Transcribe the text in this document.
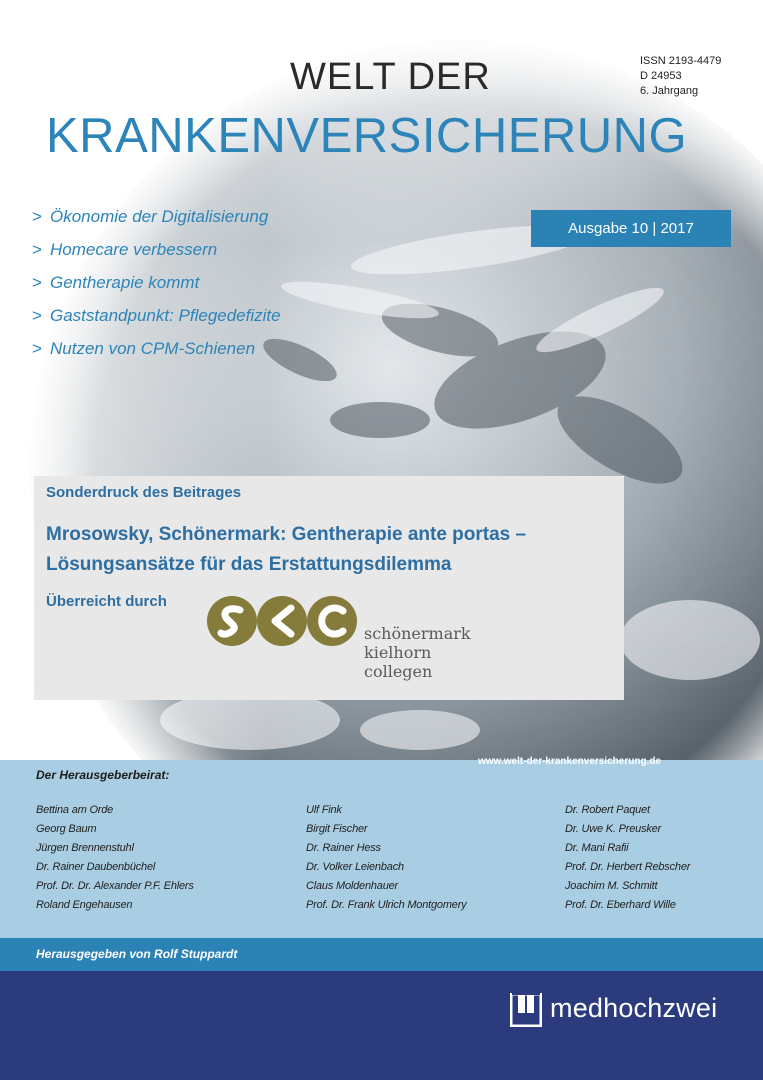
ISSN 2193-4479
D 24953
6. Jahrgang
WELT DER
KRANKENVERSICHERUNG
Ausgabe 10 | 2017
> Ökonomie der Digitalisierung
> Homecare verbessern
> Gentherapie kommt
> Gaststandpunkt: Pflegedefizite
> Nutzen von CPM-Schienen
Sonderdruck des Beitrages
Mrosowsky, Schönermark: Gentherapie ante portas –
Lösungsansätze für das Erstattungsdilemma
Überreicht durch
schönermark
kielhorn
collegen
Der Herausgeberbeirat:
Bettina am Orde
Georg Baum
Jürgen Brennenstuhl
Dr. Rainer Daubenbüchel
Prof. Dr. Dr. Alexander P.F. Ehlers
Roland Engehausen
Ulf Fink
Birgit Fischer
Dr. Rainer Hess
Dr. Volker Leienbach
Claus Moldenhauer
Prof. Dr. Frank Ulrich Montgomery
Dr. Robert Paquet
Dr. Uwe K. Preusker
Dr. Mani Rafii
Prof. Dr. Herbert Rebscher
Joachim M. Schmitt
Prof. Dr. Eberhard Wille
www.welt-der-krankenversicherung.de
Herausgegeben von Rolf Stuppardt
medhochzwei
